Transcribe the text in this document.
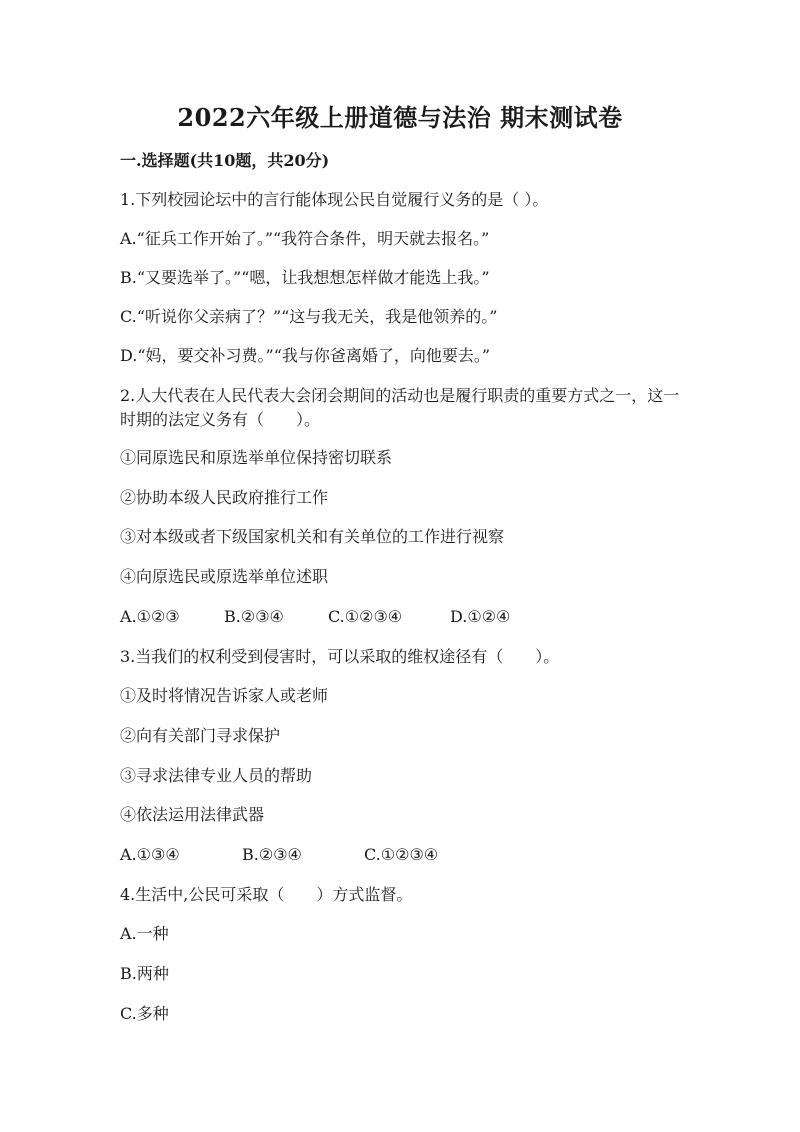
2022六年级上册道德与法治 期末测试卷
一.选择题(共10题，共20分)
1.下列校园论坛中的言行能体现公民自觉履行义务的是（ ）。
A.“征兵工作开始了。”“我符合条件，明天就去报名。”
B.“又要选举了。”“嗯，让我想想怎样做才能选上我。”
C.“听说你父亲病了？”“这与我无关，我是他领养的。”
D.“妈，要交补习费。”“我与你爸离婚了，向他要去。”
2.人大代表在人民代表大会闭会期间的活动也是履行职责的重要方式之一，这一时期的法定义务有（　　）。
①同原选民和原选举单位保持密切联系
②协助本级人民政府推行工作
③对本级或者下级国家机关和有关单位的工作进行视察
④向原选民或原选举单位述职
A.①②③	B.②③④	C.①②③④	D.①②④
3.当我们的权利受到侵害时，可以采取的维权途径有（　　）。
①及时将情况告诉家人或老师
②向有关部门寻求保护
③寻求法律专业人员的帮助
④依法运用法律武器
A.①③④	B.②③④	C.①②③④
4.生活中,公民可采取（　　）方式监督。
A.一种
B.两种
C.多种
